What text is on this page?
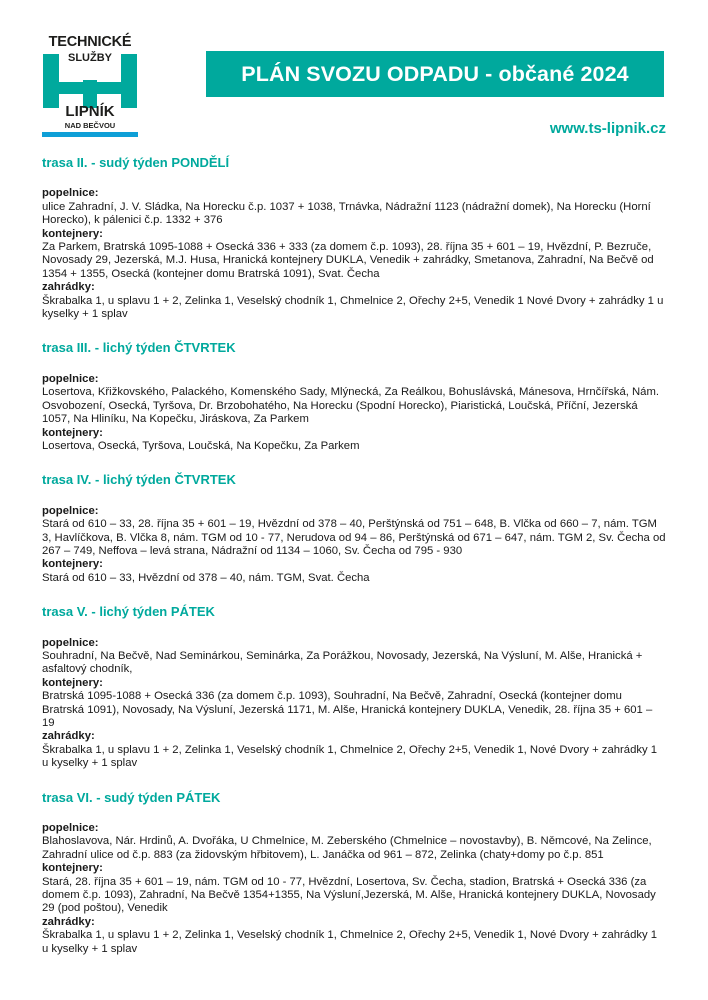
TECHNICKÉ
SLUŽBY
LIPNÍK
NAD BEČVOU
PLÁN SVOZU ODPADU - občané 2024
www.ts-lipnik.cz
trasa II. - sudý týden PONDĚLÍ
popelnice:
ulice Zahradní, J. V. Sládka, Na Horecku č.p. 1037 + 1038, Trnávka, Nádražní 1123 (nádražní domek), Na Horecku (Horní Horecko), k pálenici č.p. 1332 + 376
kontejnery:
Za Parkem, Bratrská 1095-1088 + Osecká 336 + 333 (za domem č.p. 1093), 28. října 35 + 601 – 19, Hvězdní, P. Bezruče, Novosady 29, Jezerská, M.J. Husa, Hranická kontejnery DUKLA, Venedik + zahrádky, Smetanova, Zahradní, Na Bečvě od 1354 + 1355, Osecká (kontejner domu Bratrská 1091), Svat. Čecha
zahrádky:
Škrabalka 1, u splavu 1 + 2, Zelinka 1, Veselský chodník 1, Chmelnice 2, Ořechy 2+5, Venedik 1 Nové Dvory + zahrádky 1 u kyselky + 1 splav
trasa III. - lichý týden ČTVRTEK
popelnice:
Losertova, Křižkovského, Palackého, Komenského Sady, Mlýnecká, Za Reálkou, Bohuslávská, Mánesova, Hrnčířská, Nám. Osvobození, Osecká, Tyršova, Dr. Brzobohatého, Na Horecku (Spodní Horecko), Piaristická, Loučská, Příční, Jezerská 1057, Na Hliníku, Na Kopečku, Jiráskova, Za Parkem
kontejnery:
Losertova, Osecká, Tyršova, Loučská, Na Kopečku, Za Parkem
trasa IV. - lichý týden ČTVRTEK
popelnice:
Stará od 610 – 33, 28. října 35 + 601 – 19, Hvězdní od 378 – 40, Perštýnská od 751 – 648, B. Vlčka od 660 – 7, nám. TGM 3, Havlíčkova, B. Vlčka 8, nám. TGM od 10 - 77, Nerudova od 94 – 86, Perštýnská od 671 – 647, nám. TGM 2, Sv. Čecha od 267 – 749, Neffova – levá strana, Nádražní od 1134 – 1060, Sv. Čecha od 795 - 930
kontejnery:
Stará od 610 – 33, Hvězdní od 378 – 40, nám. TGM, Svat. Čecha
trasa V. - lichý týden PÁTEK
popelnice:
Souhradní, Na Bečvě, Nad Seminárkou, Seminárka, Za Porážkou, Novosady, Jezerská, Na Výsluní, M. Alše, Hranická + asfaltový chodník,
kontejnery:
Bratrská 1095-1088 + Osecká 336 (za domem č.p. 1093), Souhradní, Na Bečvě, Zahradní, Osecká (kontejner domu Bratrská 1091), Novosady, Na Výsluní, Jezerská 1171, M. Alše, Hranická kontejnery DUKLA, Venedik, 28. října 35 + 601 – 19
zahrádky:
Škrabalka 1, u splavu 1 + 2, Zelinka 1, Veselský chodník 1, Chmelnice 2, Ořechy 2+5, Venedik 1, Nové Dvory + zahrádky 1 u kyselky + 1 splav
trasa VI. - sudý týden PÁTEK
popelnice:
Blahoslavova, Nár. Hrdinů, A. Dvořáka, U Chmelnice, M. Zeberského (Chmelnice – novostavby), B. Němcové, Na Zelince, Zahradní ulice od č.p. 883 (za židovským hřbitovem), L. Janáčka od 961 – 872, Zelinka (chaty+domy po č.p. 851
kontejnery:
Stará, 28. října 35 + 601 – 19, nám. TGM od 10 - 77, Hvězdní, Losertova, Sv. Čecha, stadion, Bratrská + Osecká 336 (za domem č.p. 1093), Zahradní, Na Bečvě 1354+1355, Na Výsluní,Jezerská, M. Alše, Hranická kontejnery DUKLA, Novosady 29 (pod poštou), Venedik
zahrádky:
Škrabalka 1, u splavu 1 + 2, Zelinka 1, Veselský chodník 1, Chmelnice 2, Ořechy 2+5, Venedik 1, Nové Dvory + zahrádky 1 u kyselky + 1 splav
